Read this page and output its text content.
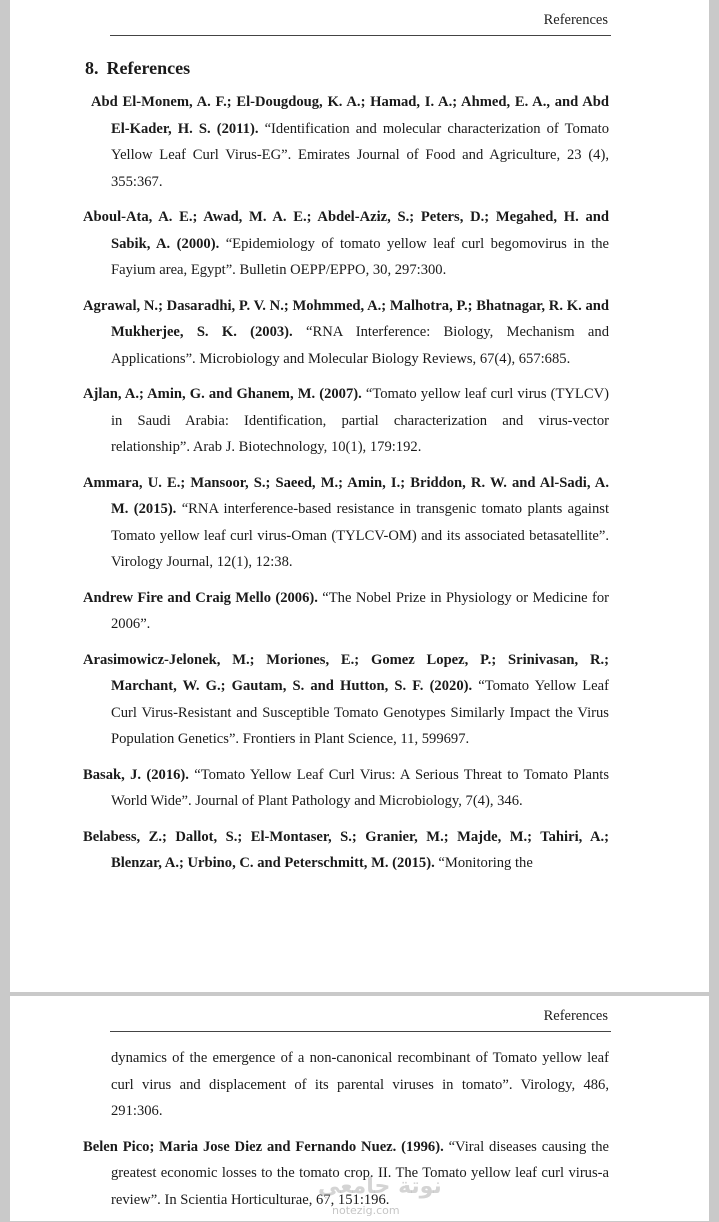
References
8. References
Abd El-Monem, A. F.; El-Dougdoug, K. A.; Hamad, I. A.; Ahmed, E. A., and Abd El-Kader, H. S. (2011). “Identification and molecular characterization of Tomato Yellow Leaf Curl Virus-EG”. Emirates Journal of Food and Agriculture, 23 (4), 355:367.
Aboul-Ata, A. E.; Awad, M. A. E.; Abdel-Aziz, S.; Peters, D.; Megahed, H. and Sabik, A. (2000). “Epidemiology of tomato yellow leaf curl begomovirus in the Fayium area, Egypt”. Bulletin OEPP/EPPO, 30, 297:300.
Agrawal, N.; Dasaradhi, P. V. N.; Mohmmed, A.; Malhotra, P.; Bhatnagar, R. K. and Mukherjee, S. K. (2003). “RNA Interference: Biology, Mechanism and Applications”. Microbiology and Molecular Biology Reviews, 67(4), 657:685.
Ajlan, A.; Amin, G. and Ghanem, M. (2007). “Tomato yellow leaf curl virus (TYLCV) in Saudi Arabia: Identification, partial characterization and virus-vector relationship”. Arab J. Biotechnology, 10(1), 179:192.
Ammara, U. E.; Mansoor, S.; Saeed, M.; Amin, I.; Briddon, R. W. and Al-Sadi, A. M. (2015). “RNA interference-based resistance in transgenic tomato plants against Tomato yellow leaf curl virus-Oman (TYLCV-OM) and its associated betasatellite”. Virology Journal, 12(1), 12:38.
Andrew Fire and Craig Mello (2006). “The Nobel Prize in Physiology or Medicine for 2006”.
Arasimowicz-Jelonek, M.; Moriones, E.; Gomez Lopez, P.; Srinivasan, R.; Marchant, W. G.; Gautam, S. and Hutton, S. F. (2020). “Tomato Yellow Leaf Curl Virus-Resistant and Susceptible Tomato Genotypes Similarly Impact the Virus Population Genetics”. Frontiers in Plant Science, 11, 599697.
Basak, J. (2016). “Tomato Yellow Leaf Curl Virus: A Serious Threat to Tomato Plants World Wide”. Journal of Plant Pathology and Microbiology, 7(4), 346.
Belabess, Z.; Dallot, S.; El-Montaser, S.; Granier, M.; Majde, M.; Tahiri, A.; Blenzar, A.; Urbino, C. and Peterschmitt, M. (2015). “Monitoring the
References
dynamics of the emergence of a non-canonical recombinant of Tomato yellow leaf curl virus and displacement of its parental viruses in tomato”. Virology, 486, 291:306.
Belen Pico; Maria Jose Diez and Fernando Nuez. (1996). “Viral diseases causing the greatest economic losses to the tomato crop. II. The Tomato yellow leaf curl virus-a review”. In Scientia Horticulturae, 67, 151:196.
نوتة جامعي
notezig.com
